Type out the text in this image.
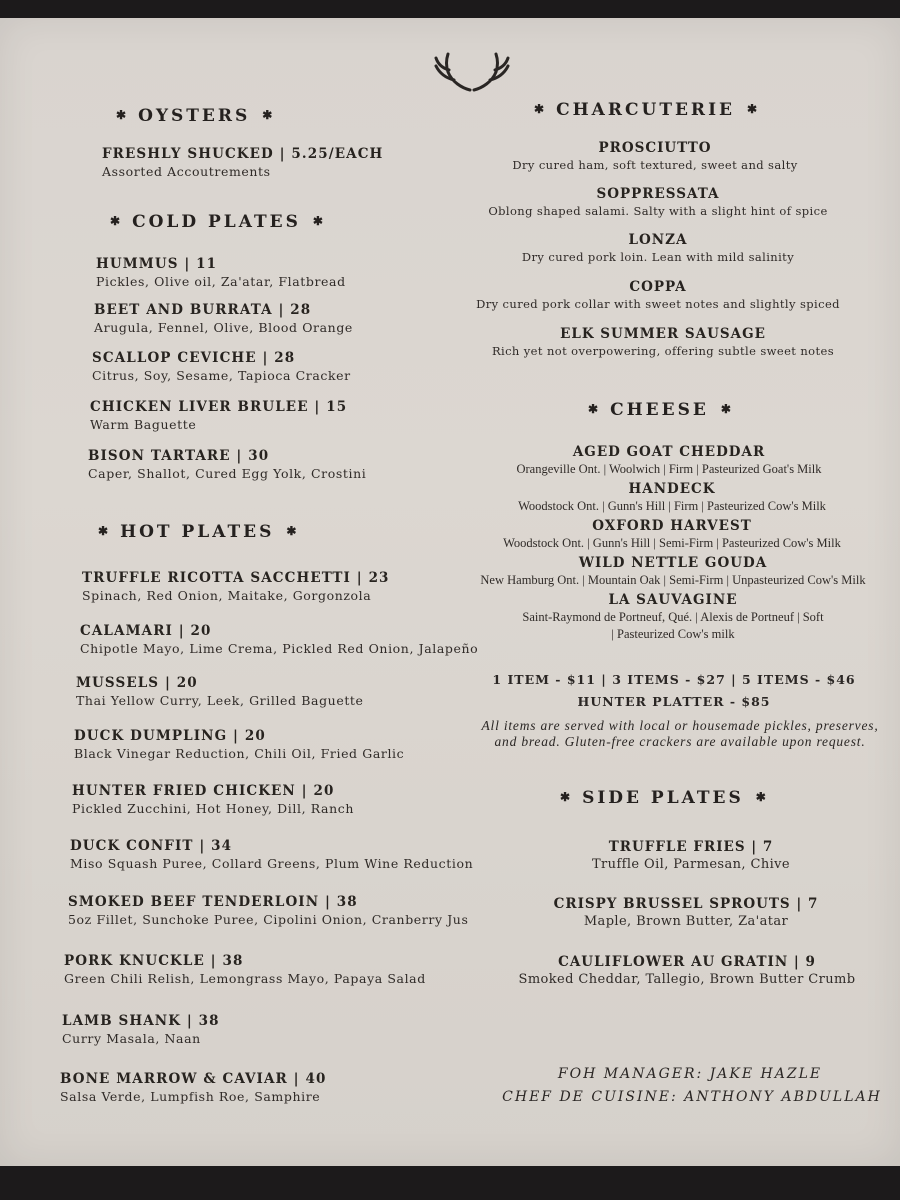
✱ OYSTERS ✱
FRESHLY SHUCKED | 5.25/EACH
Assorted Accoutrements
✱ COLD PLATES ✱
HUMMUS | 11
Pickles, Olive oil, Za'atar, Flatbread
BEET AND BURRATA | 28
Arugula, Fennel, Olive, Blood Orange
SCALLOP CEVICHE | 28
Citrus, Soy, Sesame, Tapioca Cracker
CHICKEN LIVER BRULEE | 15
Warm Baguette
BISON TARTARE | 30
Caper, Shallot, Cured Egg Yolk, Crostini
✱ HOT PLATES ✱
TRUFFLE RICOTTA SACCHETTI | 23
Spinach, Red Onion, Maitake, Gorgonzola
CALAMARI | 20
Chipotle Mayo, Lime Crema, Pickled Red Onion, Jalapeño
MUSSELS | 20
Thai Yellow Curry, Leek, Grilled Baguette
DUCK DUMPLING | 20
Black Vinegar Reduction, Chili Oil, Fried Garlic
HUNTER FRIED CHICKEN | 20
Pickled Zucchini, Hot Honey, Dill, Ranch
DUCK CONFIT | 34
Miso Squash Puree, Collard Greens, Plum Wine Reduction
SMOKED BEEF TENDERLOIN | 38
5oz Fillet, Sunchoke Puree, Cipolini Onion, Cranberry Jus
PORK KNUCKLE | 38
Green Chili Relish, Lemongrass Mayo, Papaya Salad
LAMB SHANK | 38
Curry Masala, Naan
BONE MARROW & CAVIAR | 40
Salsa Verde, Lumpfish Roe, Samphire
✱ CHARCUTERIE ✱
PROSCIUTTO
Dry cured ham, soft textured, sweet and salty
SOPPRESSATA
Oblong shaped salami. Salty with a slight hint of spice
LONZA
Dry cured pork loin. Lean with mild salinity
COPPA
Dry cured pork collar with sweet notes and slightly spiced
ELK SUMMER SAUSAGE
Rich yet not overpowering, offering subtle sweet notes
✱ CHEESE ✱
AGED GOAT CHEDDAR
Orangeville Ont. | Woolwich | Firm | Pasteurized Goat's Milk
HANDECK
Woodstock Ont. | Gunn's Hill | Firm | Pasteurized Cow's Milk
OXFORD HARVEST
Woodstock Ont. | Gunn's Hill | Semi-Firm | Pasteurized Cow's Milk
WILD NETTLE GOUDA
New Hamburg Ont. | Mountain Oak | Semi-Firm | Unpasteurized Cow's Milk
LA SAUVAGINE
Saint-Raymond de Portneuf, Qué. | Alexis de Portneuf | Soft
| Pasteurized Cow's milk
1 ITEM - $11 | 3 ITEMS - $27 | 5 ITEMS - $46
HUNTER PLATTER - $85
All items are served with local or housemade pickles, preserves,
and bread. Gluten-free crackers are available upon request.
✱ SIDE PLATES ✱
TRUFFLE FRIES | 7
Truffle Oil, Parmesan, Chive
CRISPY BRUSSEL SPROUTS | 7
Maple, Brown Butter, Za'atar
CAULIFLOWER AU GRATIN | 9
Smoked Cheddar, Tallegio, Brown Butter Crumb
FOH MANAGER: JAKE HAZLE
CHEF DE CUISINE: ANTHONY ABDULLAH
